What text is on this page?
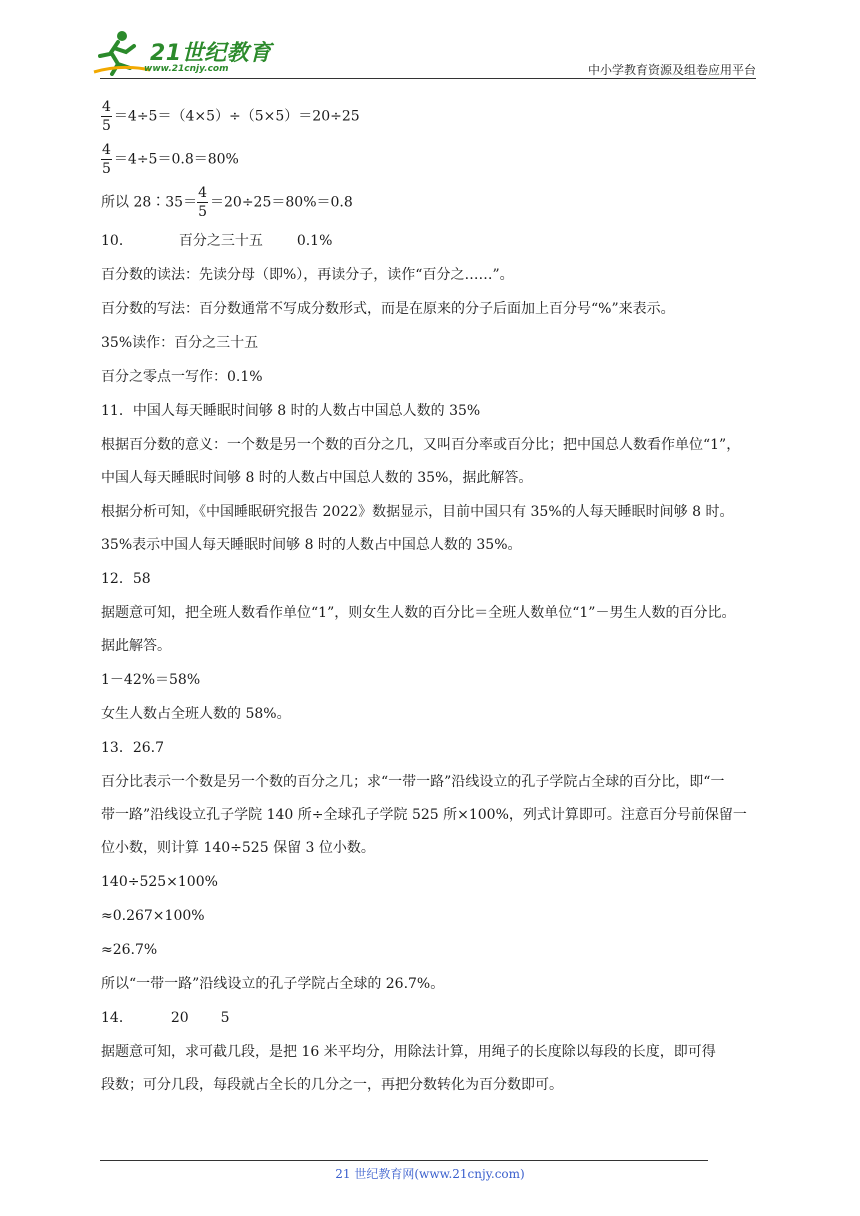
21世纪教育
www.21cnjy.com	中小学教育资源及组卷应用平台
$\frac{4}{5} =4\div 5=(4\times 5)\div(5\times 5)=20\div 25$
$\frac{4}{5} =4\div 5=0.8=80\%$
所以 28∶35＝ $\frac{4}{5} =20\div 25=80\%=0.8$
10．	百分之三十五 0.1%
百分数的读法：先读分母（即%），再读分子，读作“百分之……”。
百分数的写法：百分数通常不写成分数形式，而是在原来的分子后面加上百分号“%”来表示。
35%读作：百分之三十五
百分之零点一写作：0.1%
11．中国人每天睡眠时间够 8 时的人数占中国总人数的 35%
根据百分数的意义：一个数是另一个数的百分之几，又叫百分率或百分比；把中国总人数看作单位“1”，
中国人每天睡眠时间够 8 时的人数占中国总人数的 35%，据此解答。
根据分析可知，《中国睡眠研究报告 2022》数据显示，目前中国只有 35%的人每天睡眠时间够 8 时。
35%表示中国人每天睡眠时间够 8 时的人数占中国总人数的 35%。
12．58
据题意可知，把全班人数看作单位“1”，则女生人数的百分比＝全班人数单位“1”－男生人数的百分比。
据此解答。
1－42%＝58%
女生人数占全班人数的 58%。
13．26.7
百分比表示一个数是另一个数的百分之几；求“一带一路”沿线设立的孔子学院占全球的百分比，即“一
带一路”沿线设立孔子学院 140 所÷全球孔子学院 525 所×100%，列式计算即可。注意百分号前保留一
位小数，则计算 140÷525 保留 3 位小数。
140÷525×100%
≈0.267×100%
≈26.7%
所以“一带一路”沿线设立的孔子学院占全球的 26.7%。
14．	20 5
据题意可知，求可截几段，是把 16 米平均分，用除法计算，用绳子的长度除以每段的长度，即可得
段数；可分几段，每段就占全长的几分之一，再把分数转化为百分数即可。
21 世纪教育网(www.21cnjy.com)
